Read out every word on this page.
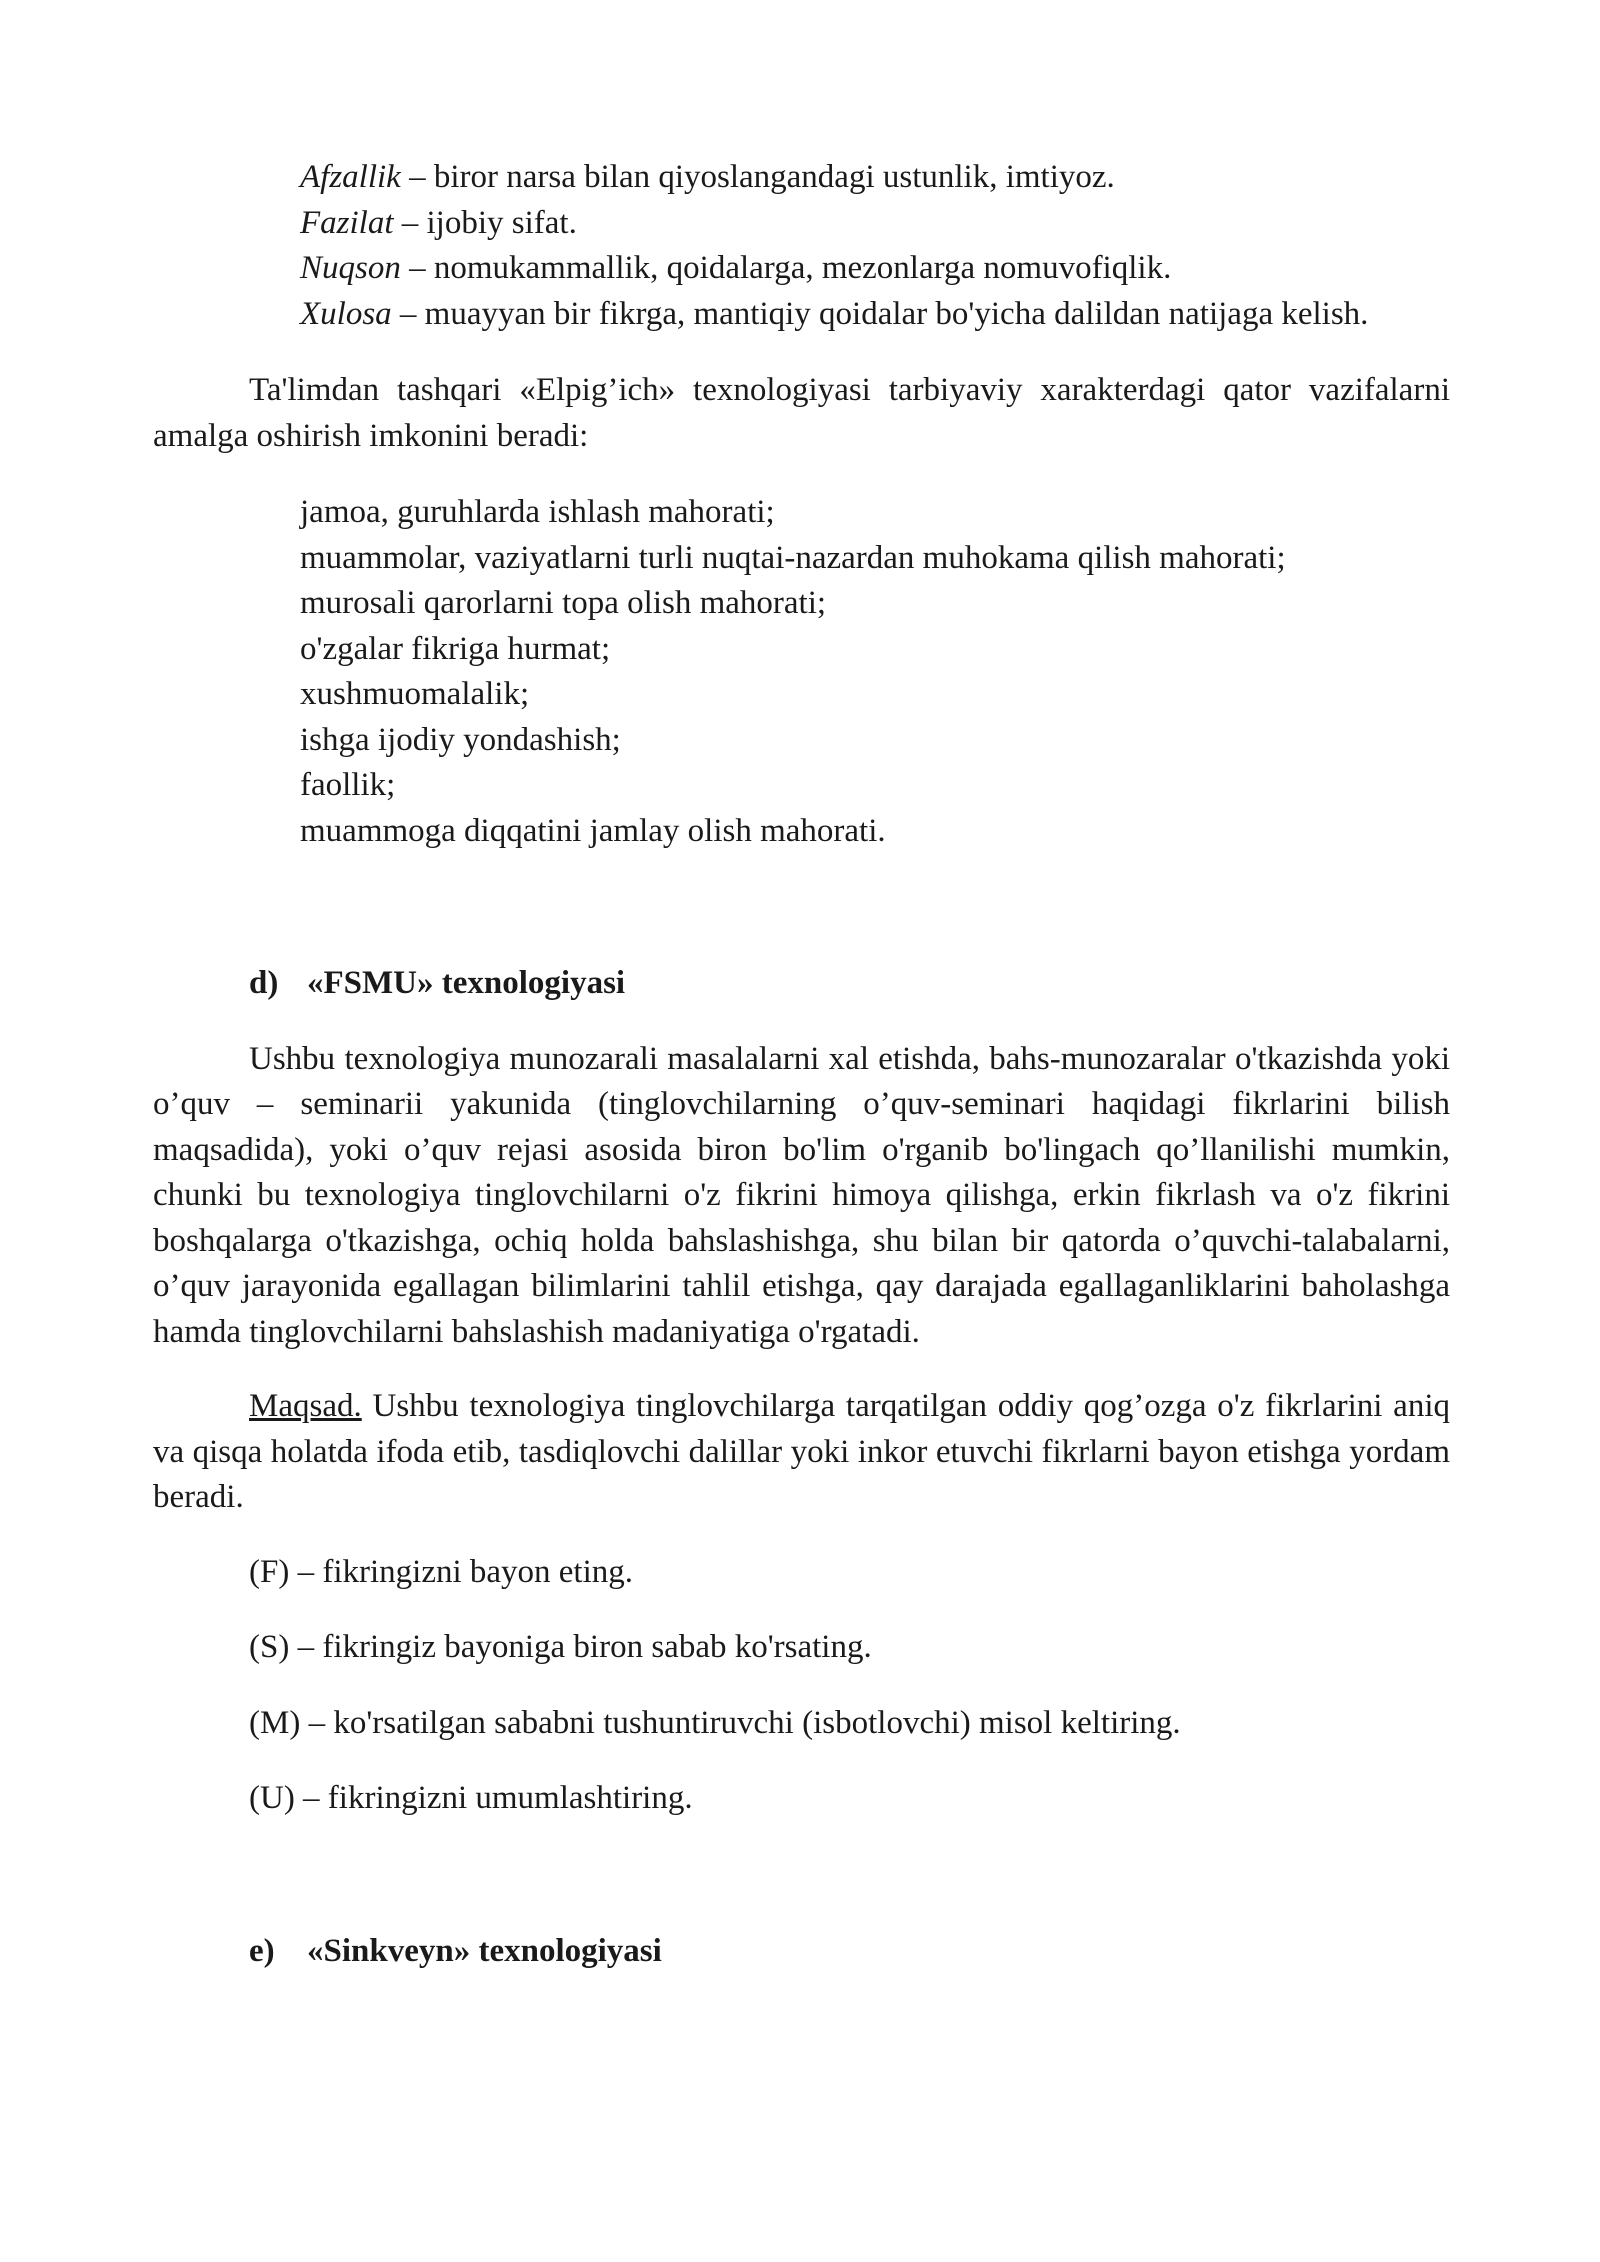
Afzallik – biror narsa bilan qiyoslangandagi ustunlik, imtiyoz.

Fazilat – ijobiy sifat.

Nuqson – nomukammallik, qoidalarga, mezonlarga nomuvofiqlik.

Xulosa – muayyan bir fikrga, mantiqiy qoidalar bo'yicha dalildan natijaga kelish.

Ta'limdan tashqari «Elpig’ich» texnologiyasi tarbiyaviy xarakterdagi qator vazifalarni amalga oshirish imkonini beradi:

jamoa, guruhlarda ishlash mahorati;
muammolar, vaziyatlarni turli nuqtai-nazardan muhokama qilish mahorati;
murosali qarorlarni topa olish mahorati;
o'zgalar fikriga hurmat;
xushmuomalalik;
ishga ijodiy yondashish;
faollik;
muammoga diqqatini jamlay olish mahorati.

d) «FSMU» texnologiyasi

Ushbu texnologiya munozarali masalalarni xal etishda, bahs-munozaralar o'tkazishda yoki o’quv – seminarii yakunida (tinglovchilarning o’quv-seminari haqidagi fikrlarini bilish maqsadida), yoki o’quv rejasi asosida biron bo'lim o'rganib bo'lingach qo’llanilishi mumkin, chunki bu texnologiya tinglovchilarni o'z fikrini himoya qilishga, erkin fikrlash va o'z fikrini boshqalarga o'tkazishga, ochiq holda bahslashishga, shu bilan bir qatorda o’quvchi-talabalarni, o’quv jarayonida egallagan bilimlarini tahlil etishga, qay darajada egallaganliklarini baholashga hamda tinglovchilarni bahslashish madaniyatiga o'rgatadi.

Maqsad. Ushbu texnologiya tinglovchilarga tarqatilgan oddiy qog’ozga o'z fikrlarini aniq va qisqa holatda ifoda etib, tasdiqlovchi dalillar yoki inkor etuvchi fikrlarni bayon etishga yordam beradi.

(F) – fikringizni bayon eting.

(S) – fikringiz bayoniga biron sabab ko'rsating.

(M) – ko'rsatilgan sababni tushuntiruvchi (isbotlovchi) misol keltiring.

(U) – fikringizni umumlashtiring.

e) «Sinkveyn» texnologiyasi
